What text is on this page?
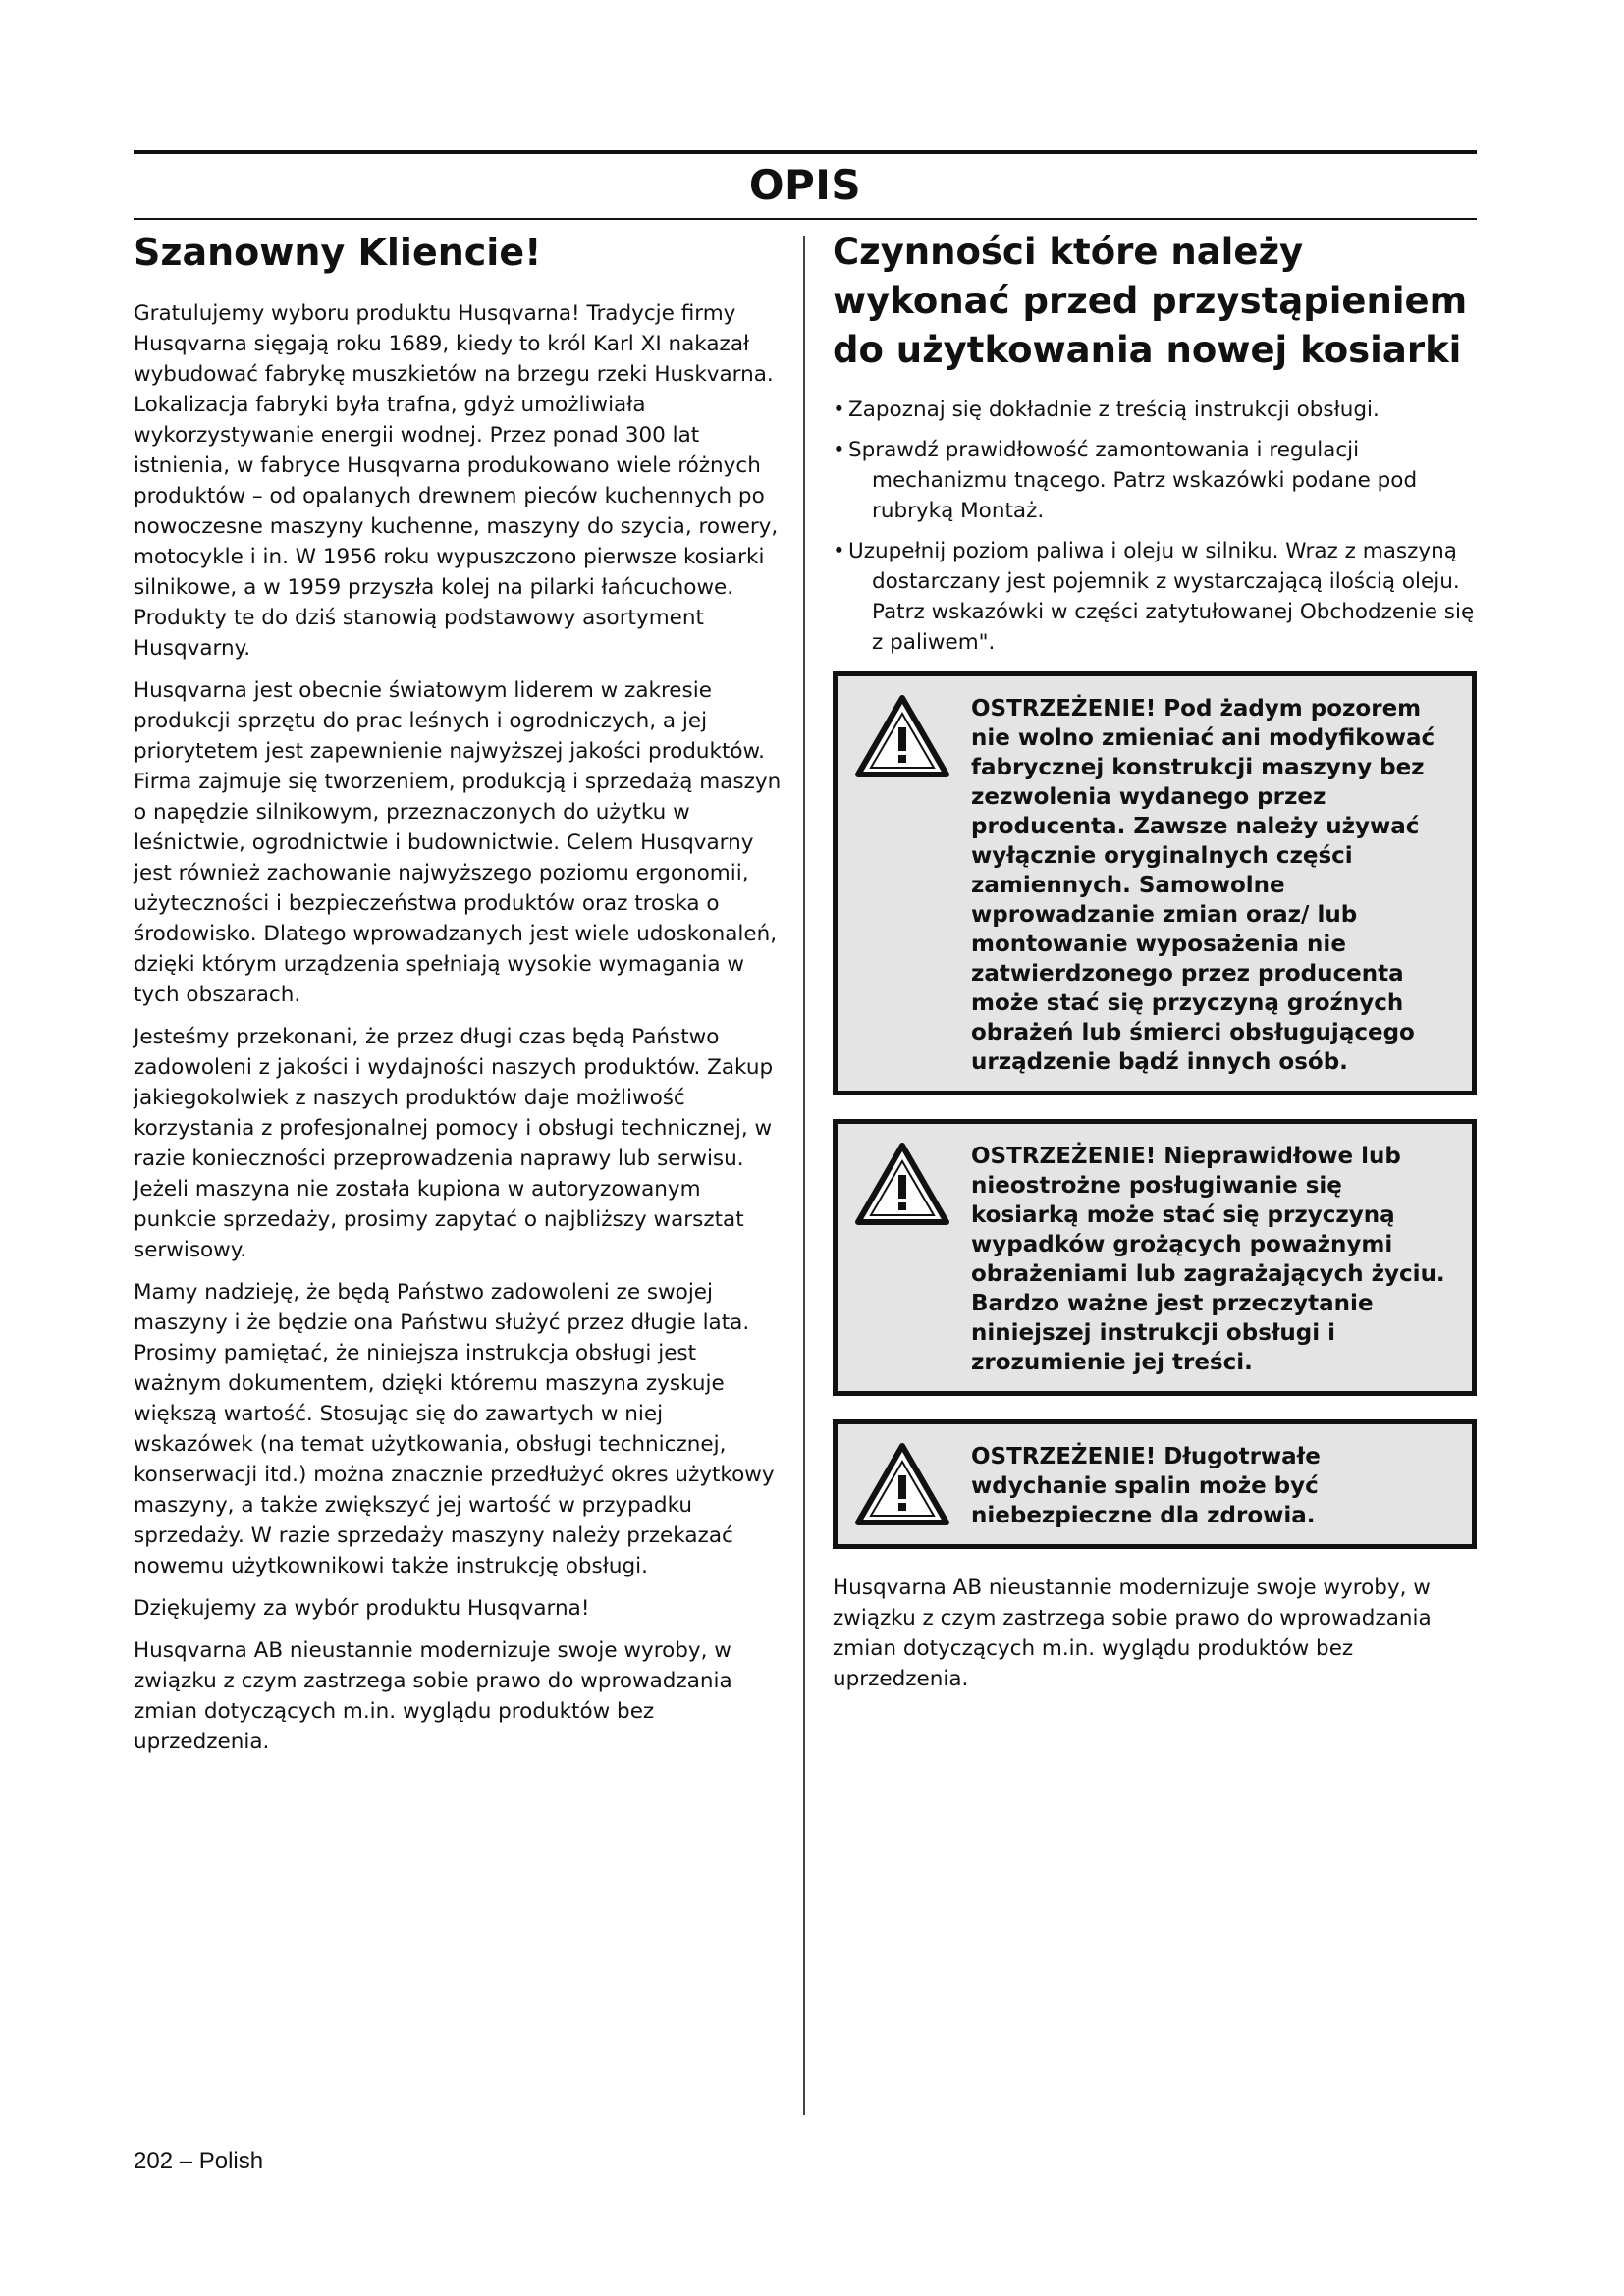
OPIS
Szanowny Kliencie!

Gratulujemy wyboru produktu Husqvarna! Tradycje firmy Husqvarna sięgają roku 1689, kiedy to król Karl XI nakazał wybudować fabrykę muszkietów na brzegu rzeki Huskvarna. Lokalizacja fabryki była trafna, gdyż umożliwiała wykorzystywanie energii wodnej. Przez ponad 300 lat istnienia, w fabryce Husqvarna produkowano wiele różnych produktów – od opalanych drewnem pieców kuchennych po nowoczesne maszyny kuchenne, maszyny do szycia, rowery, motocykle i in. W 1956 roku wypuszczono pierwsze kosiarki silnikowe, a w 1959 przyszła kolej na pilarki łańcuchowe. Produkty te do dziś stanowią podstawowy asortyment Husqvarny.

Husqvarna jest obecnie światowym liderem w zakresie produkcji sprzętu do prac leśnych i ogrodniczych, a jej priorytetem jest zapewnienie najwyższej jakości produktów. Firma zajmuje się tworzeniem, produkcją i sprzedażą maszyn o napędzie silnikowym, przeznaczonych do użytku w leśnictwie, ogrodnictwie i budownictwie. Celem Husqvarny jest również zachowanie najwyższego poziomu ergonomii, użyteczności i bezpieczeństwa produktów oraz troska o środowisko. Dlatego wprowadzanych jest wiele udoskonaleń, dzięki którym urządzenia spełniają wysokie wymagania w tych obszarach.

Jesteśmy przekonani, że przez długi czas będą Państwo zadowoleni z jakości i wydajności naszych produktów. Zakup jakiegokolwiek z naszych produktów daje możliwość korzystania z profesjonalnej pomocy i obsługi technicznej, w razie konieczności przeprowadzenia naprawy lub serwisu. Jeżeli maszyna nie została kupiona w autoryzowanym punkcie sprzedaży, prosimy zapytać o najbliższy warsztat serwisowy.

Mamy nadzieję, że będą Państwo zadowoleni ze swojej maszyny i że będzie ona Państwu służyć przez długie lata. Prosimy pamiętać, że niniejsza instrukcja obsługi jest ważnym dokumentem, dzięki któremu maszyna zyskuje większą wartość. Stosując się do zawartych w niej wskazówek (na temat użytkowania, obsługi technicznej, konserwacji itd.) można znacznie przedłużyć okres użytkowy maszyny, a także zwiększyć jej wartość w przypadku sprzedaży. W razie sprzedaży maszyny należy przekazać nowemu użytkownikowi także instrukcję obsługi.

Dziękujemy za wybór produktu Husqvarna!

Husqvarna AB nieustannie modernizuje swoje wyroby, w związku z czym zastrzega sobie prawo do wprowadzania zmian dotyczących m.in. wyglądu produktów bez uprzedzenia.

Czynności które należy wykonać przed przystąpieniem do użytkowania nowej kosiarki
• Zapoznaj się dokładnie z treścią instrukcji obsługi.
• Sprawdź prawidłowość zamontowania i regulacji mechanizmu tnącego. Patrz wskazówki podane pod rubryką Montaż.
• Uzupełnij poziom paliwa i oleju w silniku. Wraz z maszyną dostarczany jest pojemnik z wystarczającą ilością oleju. Patrz wskazówki w części zatytułowanej Obchodzenie się z paliwem".
OSTRZEŻENIE! Pod żadym pozorem nie wolno zmieniać ani modyfikować fabrycznej konstrukcji maszyny bez zezwolenia wydanego przez producenta. Zawsze należy używać wyłącznie oryginalnych części zamiennych. Samowolne wprowadzanie zmian oraz/ lub montowanie wyposażenia nie zatwierdzonego przez producenta może stać się przyczyną groźnych obrażeń lub śmierci obsługującego urządzenie bądź innych osób.
OSTRZEŻENIE! Nieprawidłowe lub nieostrożne posługiwanie się kosiarką może stać się przyczyną wypadków grożących poważnymi obrażeniami lub zagrażających życiu. Bardzo ważne jest przeczytanie niniejszej instrukcji obsługi i zrozumienie jej treści.
OSTRZEŻENIE! Długotrwałe wdychanie spalin może być niebezpieczne dla zdrowia.

Husqvarna AB nieustannie modernizuje swoje wyroby, w związku z czym zastrzega sobie prawo do wprowadzania zmian dotyczących m.in. wyglądu produktów bez uprzedzenia.

202 – Polish
